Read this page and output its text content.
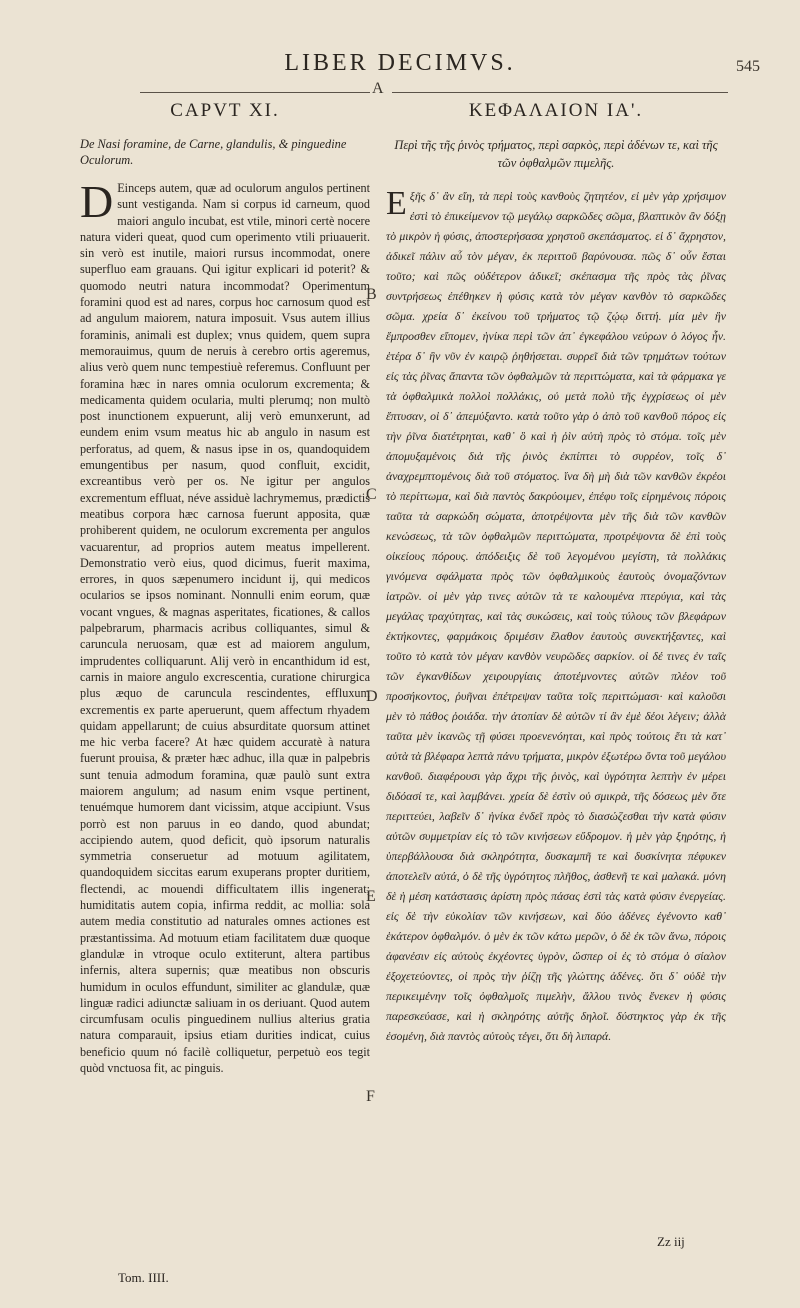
LIBER DECIMVS.	545
A
CAPVT XI.

De Nasi foramine, de Carne, glandulis, & pinguedine Oculorum.

D Einceps autem, quæ ad oculorum angulos pertinent sunt vestiganda. Nam si corpus id carneum, quod maiori angulo incubat, est vtile, minori certè nocere natura videri queat, quod cum operimento vtili priuauerit. sin verò est inutile, maiori rursus incommodat, onere superfluo eam grauans. Qui igitur explicari id poterit? & quomodo neutri natura incommodat? Operimentum foramini quod est ad nares, corpus hoc carnosum quod est ad angulum maiorem, natura imposuit. Vsus autem illius foraminis, animali est duplex; vnus quidem, quem supra memorauimus, quum de neruis à cerebro ortis ageremus, alius verò quem nunc tempestiuè referemus. Confluunt per foramina hæc in nares omnia oculorum excrementa; & medicamenta quidem ocularia, multi plerumq; non multò post inunctionem expuerunt, alij verò emunxerunt, ad eundem enim vsum meatus hic ab angulo in nasum est perforatus, ad quem, & nasus ipse in os, quandoquidem emungentibus per nasum, quod confluit, excidit, excreantibus verò per os. Ne igitur per angulos excrementum effluat, néve assiduè lachrymemus, prædictis meatibus corpora hæc carnosa fuerunt apposita, quæ prohiberent quidem, ne oculorum excrementa per angulos vacuarentur, ad proprios autem meatus impellerent. Demonstratio verò eius, quod dicimus, fuerit maxima, errores, in quos sæpenumero incidunt ij, qui medicos ocularios se ipsos nominant. Nonnulli enim eorum, quæ vocant vngues, & magnas asperitates, ficationes, & callos palpebrarum, pharmacis acribus colliquantes, simul & caruncula neruosam, quæ est ad maiorem angulum, imprudentes colliquarunt. Alij verò in encanthidum id est, carnis in maiore angulo excrescentia, curatione chirurgica plus æquo de caruncula rescindentes, effluxum excrementis ex parte aperuerunt, quem affectum rhyadem quidam appellarunt; de cuius absurditate quorsum attinet me hic verba facere? At hæc quidem accuratè à natura fuerunt prouisa, & præter hæc adhuc, illa quæ in palpebris sunt tenuia admodum foramina, quæ paulò sunt extra maiorem angulum; ad nasum enim vsque pertinent, tenuémque humorem dant vicissim, atque accipiunt. Vsus porrò est non paruus in eo dando, quod abundat; accipiendo autem, quod deficit, quò ipsorum naturalis symmetria conseruetur ad motuum agilitatem, quandoquidem siccitas earum exuperans propter duritiem, flectendi, ac mouendi difficultatem illis ingenerat; humiditatis autem copia, infirma reddit, ac mollia: sola autem media constitutio ad naturales omnes actiones est præstantissima. Ad motuum etiam facilitatem duæ quoque glandulæ in vtroque oculo extiterunt, altera partibus infernis, altera supernis; quæ meatibus non obscuris humidum in oculos effundunt, similiter ac glandulæ, quæ linguæ radici adiunctæ saliuam in os deriuant. Quod autem circumfusam oculis pinguedinem nullius alterius gratia natura comparauit, ipsius etiam durities indicat, cuius beneficio quum nó facilè colliquetur, perpetuò eos tegit quòd vnctuosa fit, ac pinguis.

B
C
D
E
F
ΚΕΦΑΛΑΙΟΝ ΙΑ'.

Περὶ τῆς τῆς ῥινὸς τρήματος, περὶ σαρκὸς, περὶ ἀδένων τε, καὶ τῆς τῶν ὀφθαλμῶν πιμελῆς.

Εξῆς δ᾽ ἂν εἴη, τὰ περὶ τοὺς κανθοὺς ζητητέον, εἰ μὲν γὰρ χρήσιμον ἐστὶ τὸ ἐπικείμενον τῷ μεγάλῳ σαρκῶδες σῶμα, βλαπτικὸν ἂν δόξῃ τὸ μικρὸν ἡ φύσις, ἀποστερήσασα χρηστοῦ σκεπάσματος. εἰ δ᾽ ἄχρηστον, ἀδικεῖ πάλιν αὖ τὸν μέγαν, ἐκ περιττοῦ βαρύνουσα. πῶς δ᾽ οὖν ἔσται τοῦτο; καὶ πῶς οὐδέτερον ἀδικεῖ; σκέπασμα τῆς πρὸς τὰς ῥῖνας συντρήσεως ἐπέθηκεν ἡ φύσις κατὰ τὸν μέγαν κανθὸν τὸ σαρκῶδες σῶμα. χρεία δ᾽ ἐκείνου τοῦ τρήματος τῷ ζῴῳ διττή. μία μὲν ἣν ἔμπροσθεν εἴπομεν, ἡνίκα περὶ τῶν ἀπ᾽ ἐγκεφάλου νεύρων ὁ λόγος ἦν. ἑτέρα δ᾽ ἣν νῦν ἐν καιρῷ ῥηθήσεται. συρρεῖ διὰ τῶν τρημάτων τούτων εἰς τὰς ῥῖνας ἅπαντα τῶν ὀφθαλμῶν τὰ περιττώματα, καὶ τὰ φάρμακα γε τὰ ὀφθαλμικὰ πολλοὶ πολλάκις, οὐ μετὰ πολὺ τῆς ἐγχρίσεως οἱ μὲν ἔπτυσαν, οἱ δ᾽ ἀπεμύξαντο. κατὰ τοῦτο γὰρ ὁ ἀπὸ τοῦ κανθοῦ πόρος εἰς τὴν ῥῖνα διατέτρηται, καθ᾽ ὃ καὶ ἡ ῥὶν αὐτὴ πρὸς τὸ στόμα. τοῖς μὲν ἀπομυξαμένοις διὰ τῆς ῥινὸς ἐκπίπτει τὸ συρρέον, τοῖς δ᾽ ἀναχρεμπτομένοις διὰ τοῦ στόματος. ἵνα δὴ μὴ διὰ τῶν κανθῶν ἐκρέοι τὸ περίττωμα, καὶ διὰ παντὸς δακρύοιμεν, ἐπέφυ τοῖς εἰρημένοις πόροις ταῦτα τὰ σαρκώδη σώματα, ἀποτρέψοντα μὲν τῆς διὰ τῶν κανθῶν κενώσεως, τὰ τῶν ὀφθαλμῶν περιττώματα, προτρέψοντα δὲ ἐπὶ τοὺς οἰκείους πόρους. ἀπόδειξις δὲ τοῦ λεγομένου μεγίστη, τὰ πολλάκις γινόμενα σφάλματα πρὸς τῶν ὀφθαλμικοὺς ἑαυτοὺς ὀνομαζόντων ἰατρῶν. οἱ μὲν γὰρ τινες αὐτῶν τὰ τε καλουμένα πτερύγια, καὶ τὰς μεγάλας τραχύτητας, καὶ τὰς συκώσεις, καὶ τοὺς τύλους τῶν βλεφάρων ἐκτήκοντες, φαρμάκοις δριμέσιν ἔλαθον ἑαυτοὺς συνεκτήξαντες, καὶ τοῦτο τὸ κατὰ τὸν μέγαν κανθὸν νευρῶδες σαρκίον. οἱ δέ τινες ἐν ταῖς τῶν ἐγκανθίδων χειρουργίαις ἀποτέμνοντες αὐτῶν πλέον τοῦ προσήκοντος, ῥυῆναι ἐπέτρεψαν ταῦτα τοῖς περιττώμασι· καὶ καλοῦσι μὲν τὸ πάθος ῥοιάδα. τὴν ἀτοπίαν δὲ αὐτῶν τί ἂν ἐμὲ δέοι λέγειν; ἀλλὰ ταῦτα μὲν ἱκανῶς τῇ φύσει προενενόηται, καὶ πρὸς τούτοις ἔτι τὰ κατ᾽ αὐτὰ τὰ βλέφαρα λεπτὰ πάνυ τρήματα, μικρὸν ἐξωτέρω ὄντα τοῦ μεγάλου κανθοῦ. διαφέρουσι γὰρ ἄχρι τῆς ῥινὸς, καὶ ὑγρότητα λεπτὴν ἐν μέρει διδόασί τε, καὶ λαμβάνει. χρεία δὲ ἐστὶν οὐ σμικρὰ, τῆς δόσεως μὲν ὅτε περιττεύει, λαβεῖν δ᾽ ἡνίκα ἐνδεῖ πρὸς τὸ διασώζεσθαι τὴν κατὰ φύσιν αὐτῶν συμμετρίαν εἰς τὸ τῶν κινήσεων εὔδρομον. ἡ μὲν γὰρ ξηρότης, ἡ ὑπερβάλλουσα διὰ σκληρότητα, δυσκαμπῆ τε καὶ δυσκίνητα πέφυκεν ἀποτελεῖν αὐτά, ὁ δὲ τῆς ὑγρότητος πλῆθος, ἀσθενῆ τε καὶ μαλακά. μόνη δὲ ἡ μέση κατάστασις ἀρίστη πρὸς πάσας ἐστὶ τὰς κατὰ φύσιν ἐνεργείας. εἰς δὲ τὴν εὐκολίαν τῶν κινήσεων, καὶ δύο ἀδένες ἐγένοντο καθ᾽ ἑκάτερον ὀφθαλμόν. ὁ μὲν ἐκ τῶν κάτω μερῶν, ὁ δὲ ἐκ τῶν ἄνω, πόροις ἀφανέσιν εἰς αὐτοὺς ἐκχέοντες ὑγρὸν, ὥσπερ οἱ ἐς τὸ στόμα ὁ σίαλον ἐξοχετεύοντες, οἱ πρὸς τὴν ῥίζῃ τῆς γλώττης ἀδένες. ὅτι δ᾽ οὐδὲ τὴν περικειμένην τοῖς ὀφθαλμοῖς πιμελὴν, ἄλλου τινὸς ἕνεκεν ἡ φύσις παρεσκεύασε, καὶ ἡ σκληρότης αὐτῆς δηλοῖ. δύστηκτος γὰρ ἐκ τῆς ἐσομένη, διὰ παντὸς αὐτοὺς τέγει, ὅτι δὴ λιπαρά.

Tom. IIII.
Zz iij
